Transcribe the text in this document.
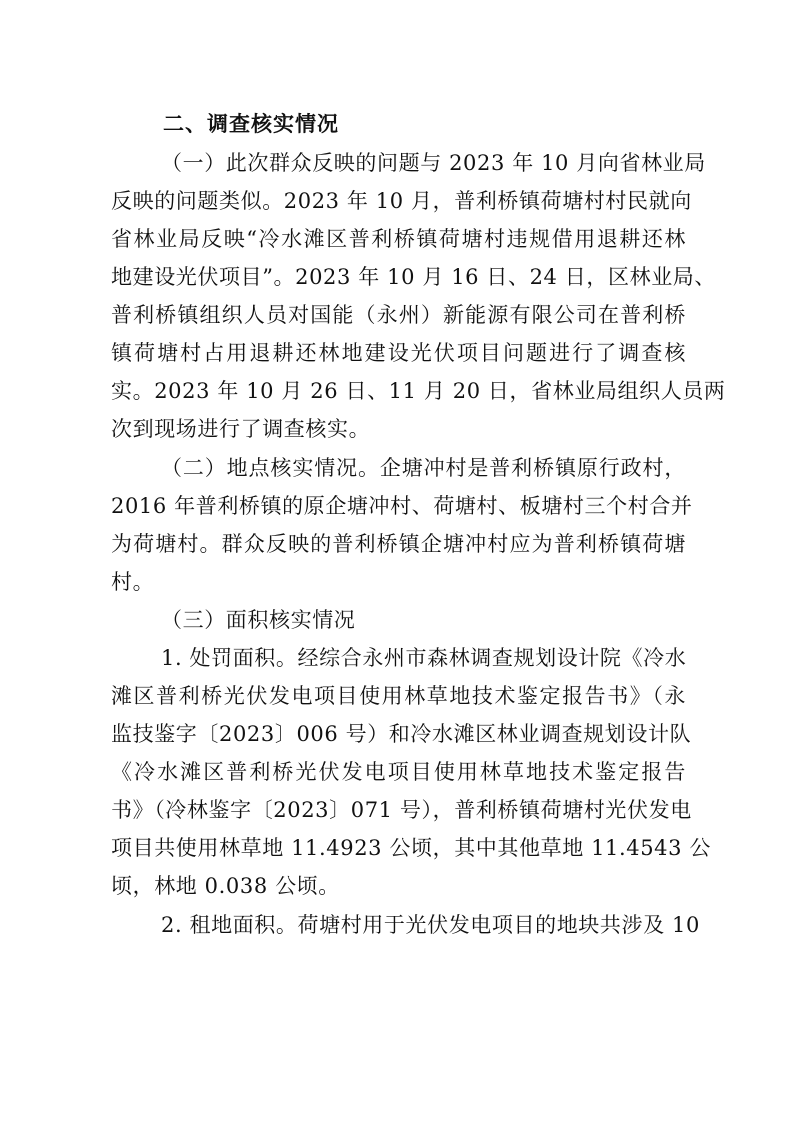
二、调查核实情况
（一）此次群众反映的问题与 2023 年 10 月向省林业局
反映的问题类似。2023 年 10 月，普利桥镇荷塘村村民就向
省林业局反映“冷水滩区普利桥镇荷塘村违规借用退耕还林
地建设光伏项目”。2023 年 10 月 16 日、24 日，区林业局、
普利桥镇组织人员对国能（永州）新能源有限公司在普利桥
镇荷塘村占用退耕还林地建设光伏项目问题进行了调查核
实。2023 年 10 月 26 日、11 月 20 日，省林业局组织人员两
次到现场进行了调查核实。
（二）地点核实情况。企塘冲村是普利桥镇原行政村，
2016 年普利桥镇的原企塘冲村、荷塘村、板塘村三个村合并
为荷塘村。群众反映的普利桥镇企塘冲村应为普利桥镇荷塘
村。
（三）面积核实情况
1. 处罚面积。经综合永州市森林调查规划设计院《冷水
滩区普利桥光伏发电项目使用林草地技术鉴定报告书》（永
监技鉴字〔2023〕006 号）和冷水滩区林业调查规划设计队
《冷水滩区普利桥光伏发电项目使用林草地技术鉴定报告
书》（冷林鉴字〔2023〕071 号），普利桥镇荷塘村光伏发电
项目共使用林草地 11.4923 公顷，其中其他草地 11.4543 公
顷，林地 0.038 公顷。
2. 租地面积。荷塘村用于光伏发电项目的地块共涉及 10
